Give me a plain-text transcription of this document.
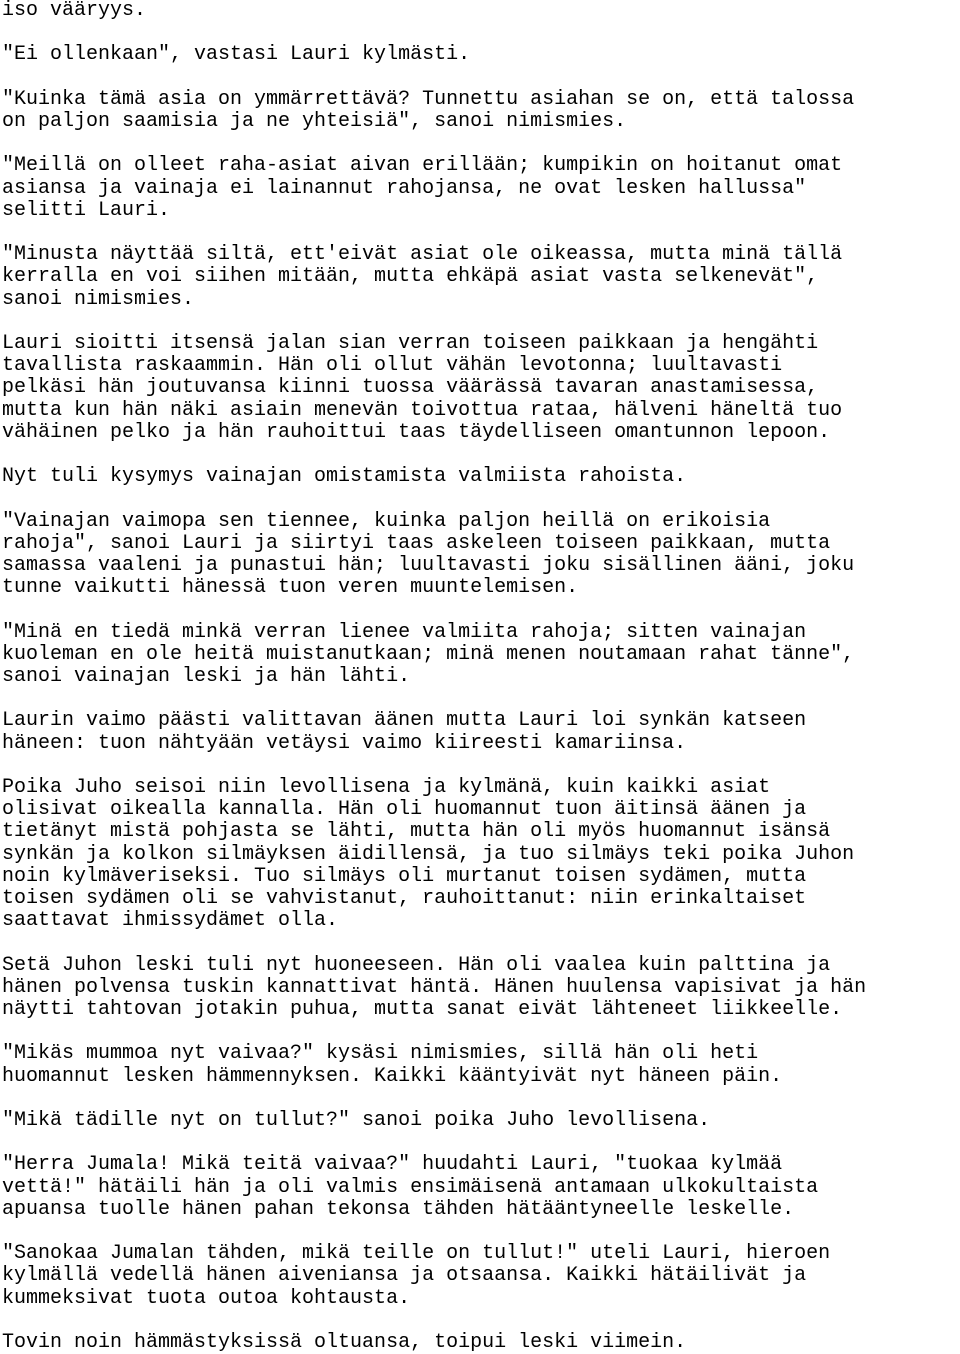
iso vääryys.
"Ei ollenkaan", vastasi Lauri kylmästi.
"Kuinka tämä asia on ymmärrettävä? Tunnettu asiahan se on, että talossa
on paljon saamisia ja ne yhteisiä", sanoi nimismies.
"Meillä on olleet raha-asiat aivan erillään; kumpikin on hoitanut omat
asiansa ja vainaja ei lainannut rahojansa, ne ovat lesken hallussa"
selitti Lauri.
"Minusta näyttää siltä, ett'eivät asiat ole oikeassa, mutta minä tällä
kerralla en voi siihen mitään, mutta ehkäpä asiat vasta selkenevät",
sanoi nimismies.
Lauri sioitti itsensä jalan sian verran toiseen paikkaan ja hengähti
tavallista raskaammin. Hän oli ollut vähän levotonna; luultavasti
pelkäsi hän joutuvansa kiinni tuossa väärässä tavaran anastamisessa,
mutta kun hän näki asiain menevän toivottua rataa, hälveni häneltä tuo
vähäinen pelko ja hän rauhoittui taas täydelliseen omantunnon lepoon.
Nyt tuli kysymys vainajan omistamista valmiista rahoista.
"Vainajan vaimopa sen tiennee, kuinka paljon heillä on erikoisia
rahoja", sanoi Lauri ja siirtyi taas askeleen toiseen paikkaan, mutta
samassa vaaleni ja punastui hän; luultavasti joku sisällinen ääni, joku
tunne vaikutti hänessä tuon veren muuntelemisen.
"Minä en tiedä minkä verran lienee valmiita rahoja; sitten vainajan
kuoleman en ole heitä muistanutkaan; minä menen noutamaan rahat tänne",
sanoi vainajan leski ja hän lähti.
Laurin vaimo päästi valittavan äänen mutta Lauri loi synkän katseen
häneen: tuon nähtyään vetäysi vaimo kiireesti kamariinsa.
Poika Juho seisoi niin levollisena ja kylmänä, kuin kaikki asiat
olisivat oikealla kannalla. Hän oli huomannut tuon äitinsä äänen ja
tietänyt mistä pohjasta se lähti, mutta hän oli myös huomannut isänsä
synkän ja kolkon silmäyksen äidillensä, ja tuo silmäys teki poika Juhon
noin kylmäveriseksi. Tuo silmäys oli murtanut toisen sydämen, mutta
toisen sydämen oli se vahvistanut, rauhoittanut: niin erinkaltaiset
saattavat ihmissydämet olla.
Setä Juhon leski tuli nyt huoneeseen. Hän oli vaalea kuin palttina ja
hänen polvensa tuskin kannattivat häntä. Hänen huulensa vapisivat ja hän
näytti tahtovan jotakin puhua, mutta sanat eivät lähteneet liikkeelle.
"Mikäs mummoa nyt vaivaa?" kysäsi nimismies, sillä hän oli heti
huomannut lesken hämmennyksen. Kaikki kääntyivät nyt häneen päin.
"Mikä tädille nyt on tullut?" sanoi poika Juho levollisena.
"Herra Jumala! Mikä teitä vaivaa?" huudahti Lauri, "tuokaa kylmää
vettä!" hätäili hän ja oli valmis ensimäisenä antamaan ulkokultaista
apuansa tuolle hänen pahan tekonsa tähden hätääntyneelle leskelle.
"Sanokaa Jumalan tähden, mikä teille on tullut!" uteli Lauri, hieroen
kylmällä vedellä hänen aiveniansa ja otsaansa. Kaikki hätäilivät ja
kummeksivat tuota outoa kohtausta.
Tovin noin hämmästyksissä oltuansa, toipui leski viimein.
